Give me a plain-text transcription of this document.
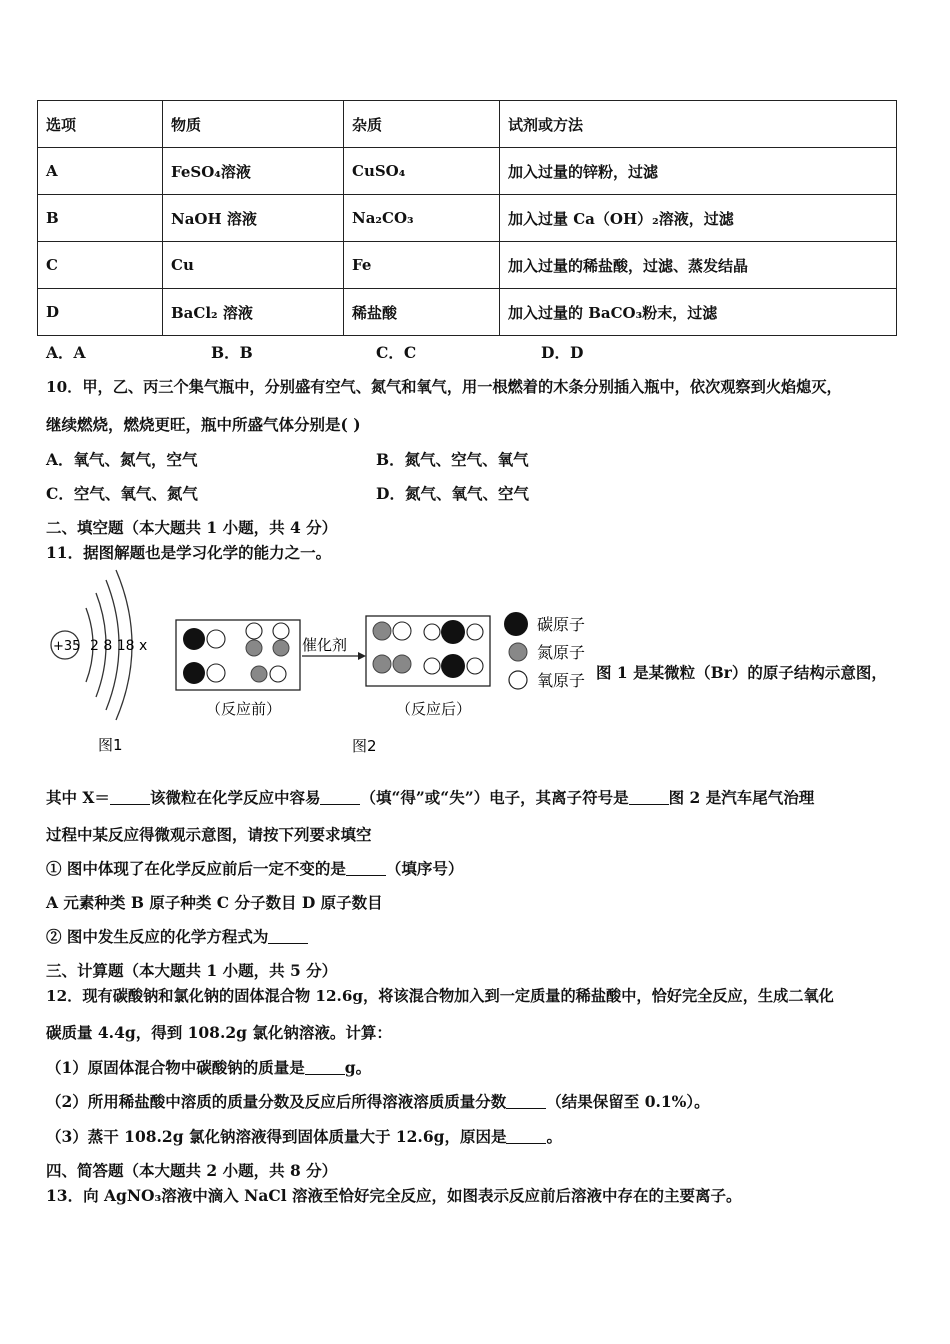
选项	物质	杂质	试剂或方法
A	FeSO₄溶液	CuSO₄	加入过量的锌粉，过滤
B	NaOH 溶液	Na₂CO₃	加入过量 Ca（OH）₂溶液，过滤
C	Cu	Fe	加入过量的稀盐酸，过滤、蒸发结晶
D	BaCl₂ 溶液	稀盐酸	加入过量的 BaCO₃粉末，过滤
A．A	B．B	C．C	D．D
10．甲，乙、丙三个集气瓶中，分别盛有空气、氮气和氧气，用一根燃着的木条分别插入瓶中，依次观察到火焰熄灭，
继续燃烧，燃烧更旺，瓶中所盛气体分别是( )
A．氧气、氮气，空气	B．氮气、空气、氧气
C．空气、氧气、氮气	D．氮气、氧气、空气
二、填空题（本大题共 1 小题，共 4 分）
11．据图解题也是学习化学的能力之一。
+35 2 8 18 x
图1
（反应前）
催化剂
（反应后）
碳原子
氮原子
氧原子
图2
图 1 是某微粒（Br）的原子结构示意图，
其中 X＝	该微粒在化学反应中容易	（填“得”或“失”）电子，其离子符号是	图 2 是汽车尾气治理
过程中某反应得微观示意图，请按下列要求填空
① 图中体现了在化学反应前后一定不变的是	（填序号）
A 元素种类 B 原子种类 C 分子数目 D 原子数目
② 图中发生反应的化学方程式为
三、计算题（本大题共 1 小题，共 5 分）
12．现有碳酸钠和氯化钠的固体混合物 12.6g，将该混合物加入到一定质量的稀盐酸中，恰好完全反应，生成二氧化
碳质量 4.4g，得到 108.2g 氯化钠溶液。计算：
（1）原固体混合物中碳酸钠的质量是	g。
（2）所用稀盐酸中溶质的质量分数及反应后所得溶液溶质质量分数	（结果保留至 0.1%）。
（3）蒸干 108.2g 氯化钠溶液得到固体质量大于 12.6g，原因是	。
四、简答题（本大题共 2 小题，共 8 分）
13．向 AgNO₃溶液中滴入 NaCl 溶液至恰好完全反应，如图表示反应前后溶液中存在的主要离子。
